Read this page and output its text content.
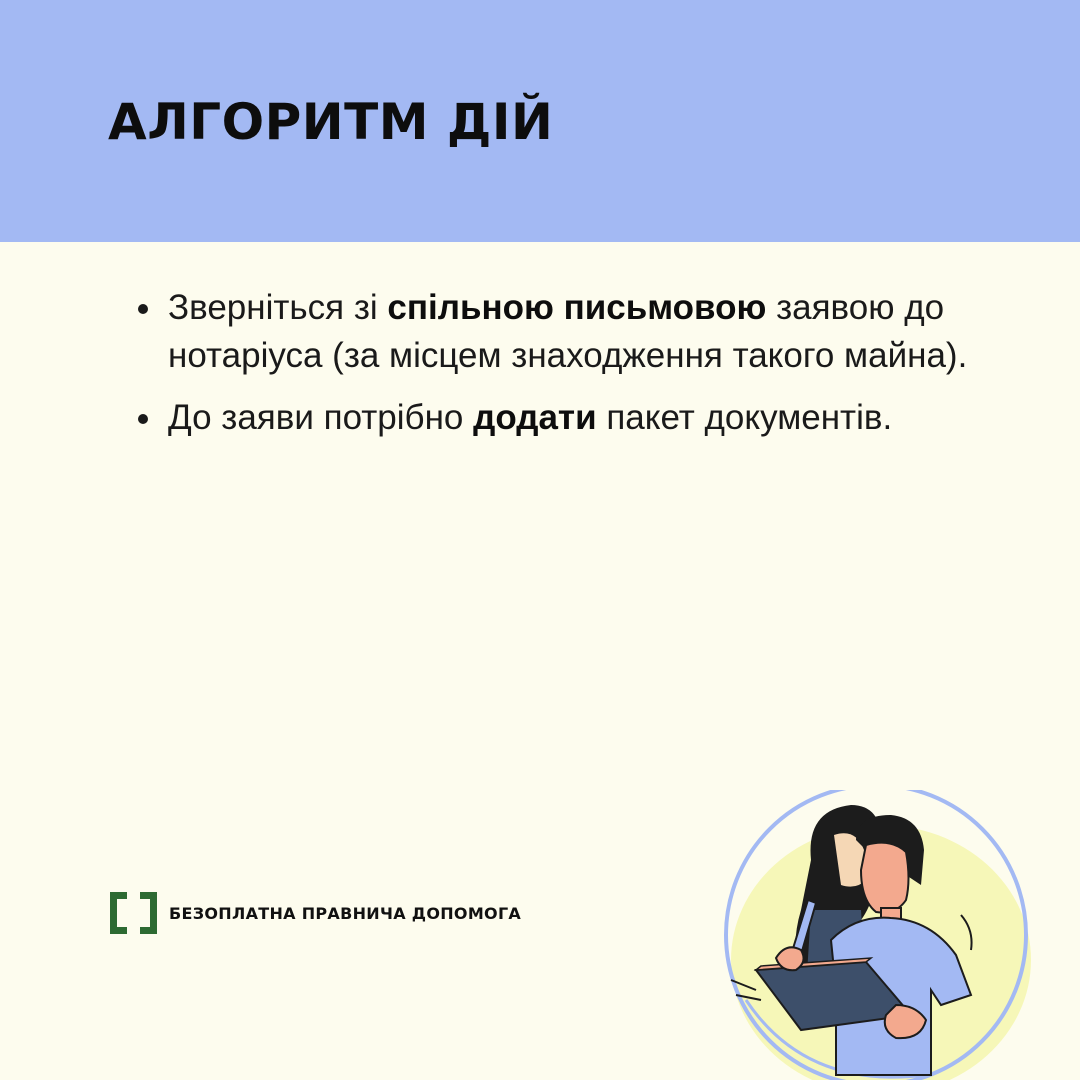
АЛГОРИТМ ДІЙ
Зверніться зі спільною письмовою заявою до нотаріуса (за місцем знаходження такого майна).
До заяви потрібно додати пакет документів.
БЕЗОПЛАТНА ПРАВНИЧА ДОПОМОГА
